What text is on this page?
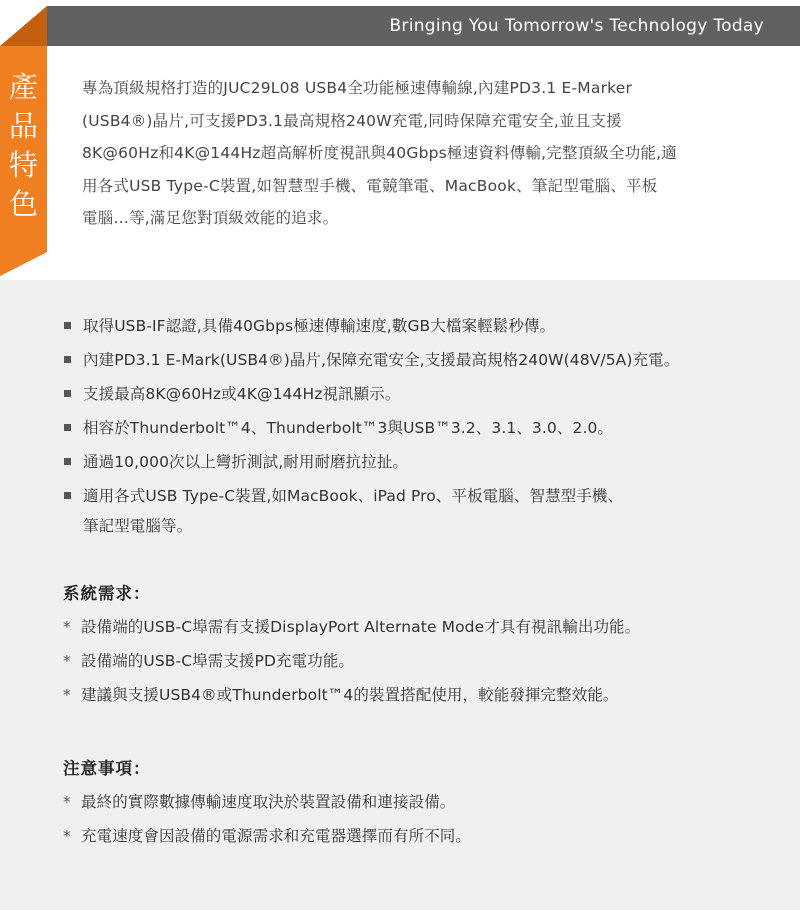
Bringing You Tomorrow's Technology Today
產
品
特
色
專為頂級規格打造的JUC29L08 USB4全功能極速傳輸線,內建PD3.1 E-Marker
(USB4®)晶片,可支援PD3.1最高規格240W充電,同時保障充電安全,並且支援
8K@60Hz和4K@144Hz超高解析度視訊與40Gbps極速資料傳輸,完整頂級全功能,適
用各式USB Type-C裝置,如智慧型手機、電競筆電、MacBook、筆記型電腦、平板
電腦…等,滿足您對頂級效能的追求。
取得USB-IF認證,具備40Gbps極速傳輸速度,數GB大檔案輕鬆秒傳。
內建PD3.1 E-Mark(USB4®)晶片,保障充電安全,支援最高規格240W(48V/5A)充電。
支援最高8K@60Hz或4K@144Hz視訊顯示。
相容於Thunderbolt™4、Thunderbolt™3與USB™3.2、3.1、3.0、2.0。
通過10,000次以上彎折測試,耐用耐磨抗拉扯。
適用各式USB Type-C裝置,如MacBook、iPad Pro、平板電腦、智慧型手機、
筆記型電腦等。
系統需求：
* 設備端的USB-C埠需有支援DisplayPort Alternate Mode才具有視訊輸出功能。
* 設備端的USB-C埠需支援PD充電功能。
* 建議與支援USB4®或Thunderbolt™4的裝置搭配使用，較能發揮完整效能。
注意事項：
* 最終的實際數據傳輸速度取決於裝置設備和連接設備。
* 充電速度會因設備的電源需求和充電器選擇而有所不同。
